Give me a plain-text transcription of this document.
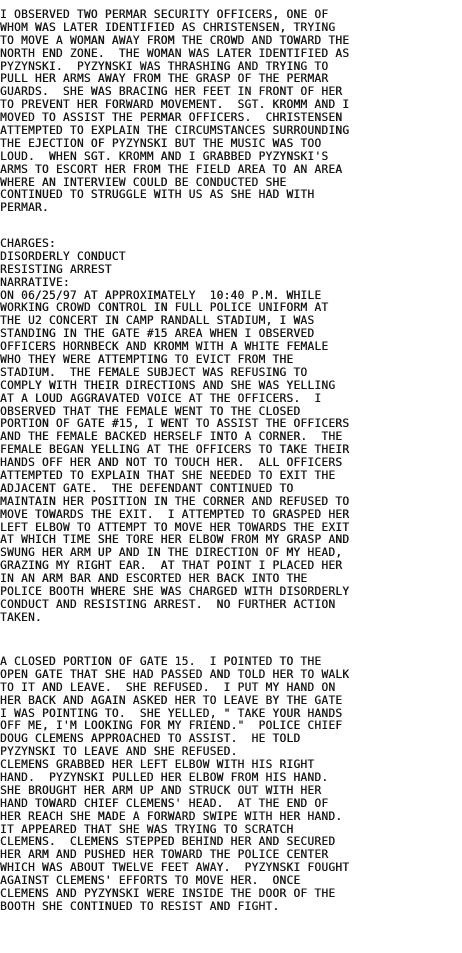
I OBSERVED TWO PERMAR SECURITY OFFICERS, ONE OF
WHOM WAS LATER IDENTIFIED AS CHRISTENSEN, TRYING
TO MOVE A WOMAN AWAY FROM THE CROWD AND TOWARD THE
NORTH END ZONE.  THE WOMAN WAS LATER IDENTIFIED AS
PYZYNSKI.  PYZYNSKI WAS THRASHING AND TRYING TO
PULL HER ARMS AWAY FROM THE GRASP OF THE PERMAR
GUARDS.  SHE WAS BRACING HER FEET IN FRONT OF HER
TO PREVENT HER FORWARD MOVEMENT.  SGT. KROMM AND I
MOVED TO ASSIST THE PERMAR OFFICERS.  CHRISTENSEN
ATTEMPTED TO EXPLAIN THE CIRCUMSTANCES SURROUNDING
THE EJECTION OF PYZYNSKI BUT THE MUSIC WAS TOO
LOUD.  WHEN SGT. KROMM AND I GRABBED PYZYNSKI'S
ARMS TO ESCORT HER FROM THE FIELD AREA TO AN AREA
WHERE AN INTERVIEW COULD BE CONDUCTED SHE
CONTINUED TO STRUGGLE WITH US AS SHE HAD WITH
PERMAR.

CHARGES:
DISORDERLY CONDUCT
RESISTING ARREST
NARRATIVE:
ON 06/25/97 AT APPROXIMATELY  10:40 P.M. WHILE
WORKING CROWD CONTROL IN FULL POLICE UNIFORM AT
THE U2 CONCERT IN CAMP RANDALL STADIUM, I WAS
STANDING IN THE GATE #15 AREA WHEN I OBSERVED
OFFICERS HORNBECK AND KROMM WITH A WHITE FEMALE
WHO THEY WERE ATTEMPTING TO EVICT FROM THE
STADIUM.  THE FEMALE SUBJECT WAS REFUSING TO
COMPLY WITH THEIR DIRECTIONS AND SHE WAS YELLING
AT A LOUD AGGRAVATED VOICE AT THE OFFICERS.  I
OBSERVED THAT THE FEMALE WENT TO THE CLOSED
PORTION OF GATE #15, I WENT TO ASSIST THE OFFICERS
AND THE FEMALE BACKED HERSELF INTO A CORNER.  THE
FEMALE BEGAN YELLING AT THE OFFICERS TO TAKE THEIR
HANDS OFF HER AND NOT TO TOUCH HER.  ALL OFFICERS
ATTEMPTED TO EXPLAIN THAT SHE NEEDED TO EXIT THE
ADJACENT GATE.  THE DEFENDANT CONTINUED TO
MAINTAIN HER POSITION IN THE CORNER AND REFUSED TO
MOVE TOWARDS THE EXIT.  I ATTEMPTED TO GRASPED HER
LEFT ELBOW TO ATTEMPT TO MOVE HER TOWARDS THE EXIT
AT WHICH TIME SHE TORE HER ELBOW FROM MY GRASP AND
SWUNG HER ARM UP AND IN THE DIRECTION OF MY HEAD,
GRAZING MY RIGHT EAR.  AT THAT POINT I PLACED HER
IN AN ARM BAR AND ESCORTED HER BACK INTO THE
POLICE BOOTH WHERE SHE WAS CHARGED WITH DISORDERLY
CONDUCT AND RESISTING ARREST.  NO FURTHER ACTION
TAKEN.
A CLOSED PORTION OF GATE 15.  I POINTED TO THE
OPEN GATE THAT SHE HAD PASSED AND TOLD HER TO WALK
TO IT AND LEAVE.  SHE REFUSED.  I PUT MY HAND ON
HER BACK AND AGAIN ASKED HER TO LEAVE BY THE GATE
I WAS POINTING TO.  SHE YELLED, " TAKE YOUR HANDS
OFF ME, I'M LOOKING FOR MY FRIEND."  POLICE CHIEF
DOUG CLEMENS APPROACHED TO ASSIST.  HE TOLD
PYZYNSKI TO LEAVE AND SHE REFUSED.
CLEMENS GRABBED HER LEFT ELBOW WITH HIS RIGHT
HAND.  PYZYNSKI PULLED HER ELBOW FROM HIS HAND.
SHE BROUGHT HER ARM UP AND STRUCK OUT WITH HER
HAND TOWARD CHIEF CLEMENS' HEAD.  AT THE END OF
HER REACH SHE MADE A FORWARD SWIPE WITH HER HAND.
IT APPEARED THAT SHE WAS TRYING TO SCRATCH
CLEMENS.  CLEMENS STEPPED BEHIND HER AND SECURED
HER ARM AND PUSHED HER TOWARD THE POLICE CENTER
WHICH WAS ABOUT TWELVE FEET AWAY.  PYZYNSKI FOUGHT
AGAINST CLEMENS' EFFORTS TO MOVE HER.  ONCE
CLEMENS AND PYZYNSKI WERE INSIDE THE DOOR OF THE
BOOTH SHE CONTINUED TO RESIST AND FIGHT.
